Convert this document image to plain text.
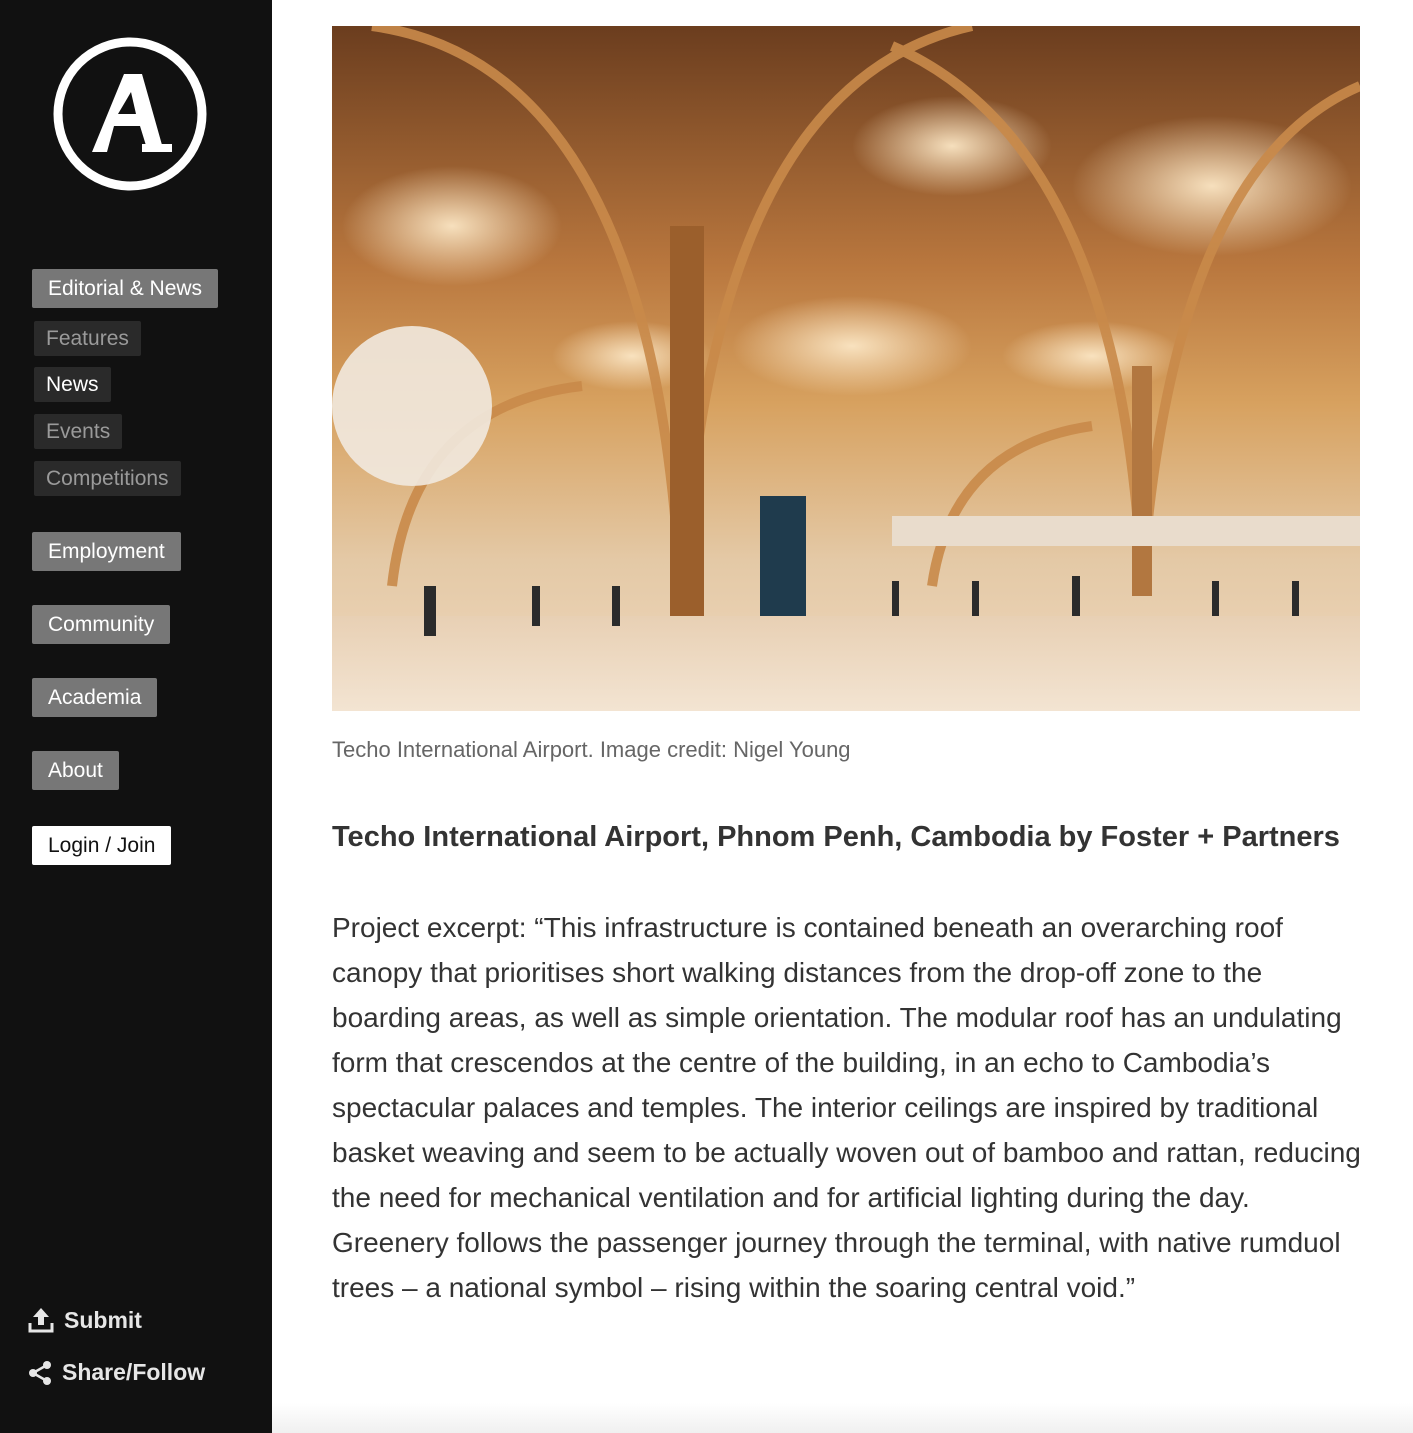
Editorial & News
Features
News
Events
Competitions
Employment
Community
Academia
About
Login / Join
Submit
Share/Follow
Techo International Airport. Image credit: Nigel Young
Techo International Airport, Phnom Penh, Cambodia by Foster + Partners

Project excerpt: “This infrastructure is contained beneath an overarching roof canopy that prioritises short walking distances from the drop-off zone to the boarding areas, as well as simple orientation. The modular roof has an undulating form that crescendos at the centre of the building, in an echo to Cambodia’s spectacular palaces and temples. The interior ceilings are inspired by traditional basket weaving and seem to be actually woven out of bamboo and rattan, reducing the need for mechanical ventilation and for artificial lighting during the day. Greenery follows the passenger journey through the terminal, with native rumduol trees – a national symbol – rising within the soaring central void.”
